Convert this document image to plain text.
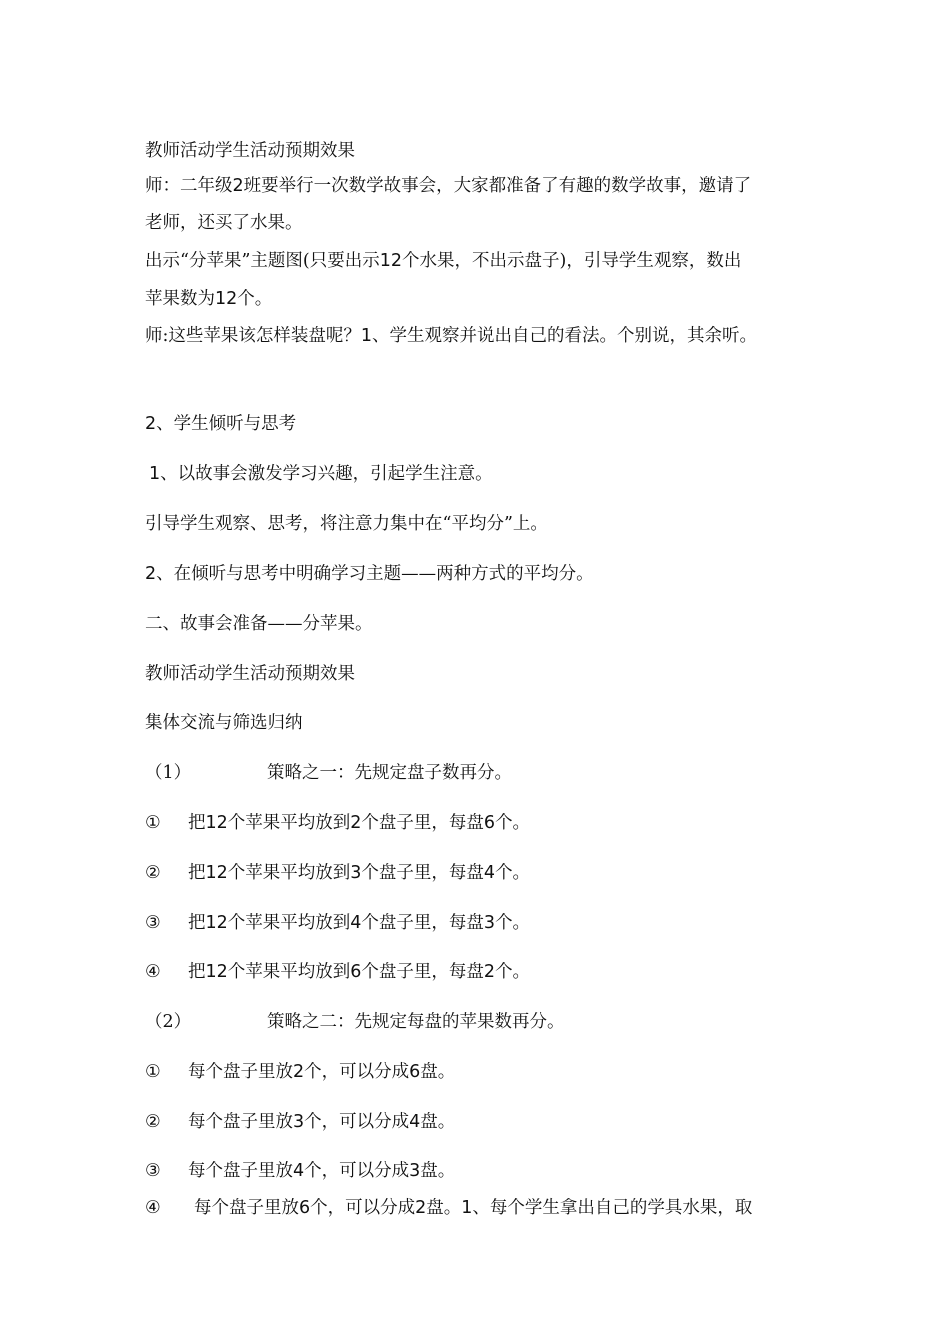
教师活动学生活动预期效果
师：二年级2班要举行一次数学故事会，大家都准备了有趣的数学故事，邀请了
老师，还买了水果。
出示“分苹果”主题图(只要出示12个水果，不出示盘子)，引导学生观察，数出
苹果数为12个。
师:这些苹果该怎样装盘呢？1、学生观察并说出自己的看法。个别说，其余听。
2、学生倾听与思考
1、以故事会激发学习兴趣，引起学生注意。
引导学生观察、思考，将注意力集中在“平均分”上。
2、在倾听与思考中明确学习主题——两种方式的平均分。
二、故事会准备——分苹果。
教师活动学生活动预期效果
集体交流与筛选归纳
（1）	策略之一：先规定盘子数再分。
① 把12个苹果平均放到2个盘子里，每盘6个。
② 把12个苹果平均放到3个盘子里，每盘4个。
③ 把12个苹果平均放到4个盘子里，每盘3个。
④ 把12个苹果平均放到6个盘子里，每盘2个。
（2）	策略之二：先规定每盘的苹果数再分。
① 每个盘子里放2个，可以分成6盘。
② 每个盘子里放3个，可以分成4盘。
③ 每个盘子里放4个，可以分成3盘。
④ 每个盘子里放6个，可以分成2盘。1、每个学生拿出自己的学具水果，取
